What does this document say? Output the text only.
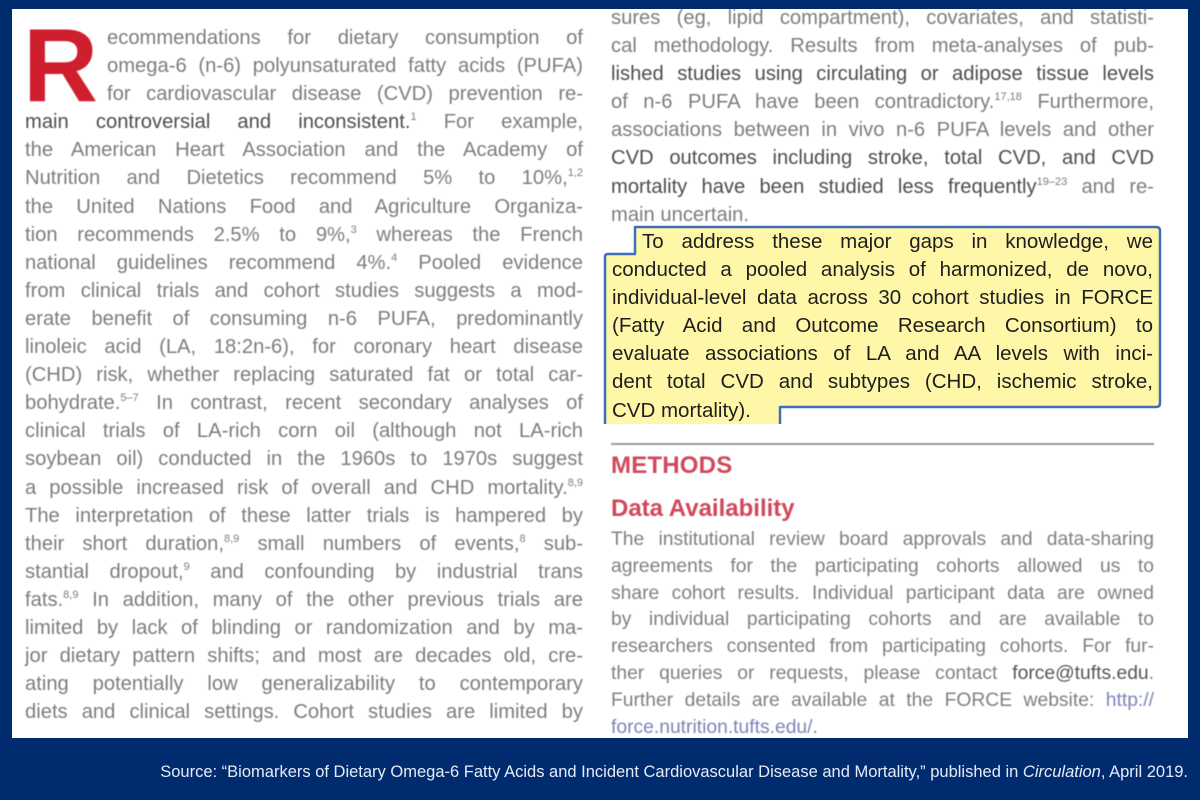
R ecommendations for dietary consumption of
omega-6 (n-6) polyunsaturated fatty acids (PUFA)
for cardiovascular disease (CVD) prevention re-
main controversial and inconsistent.$^1$ For example,
the American Heart Association and the Academy of
Nutrition and Dietetics recommend 5% to 10%,$^{1,2}$
the United Nations Food and Agriculture Organiza-
tion recommends 2.5% to 9%,$^3$ whereas the French
national guidelines recommend 4%.$^4$ Pooled evidence
from clinical trials and cohort studies suggests a mod-
erate benefit of consuming n-6 PUFA, predominantly
linoleic acid (LA, 18:2n-6), for coronary heart disease
(CHD) risk, whether replacing saturated fat or total car-
bohydrate.$^{5-7}$ In contrast, recent secondary analyses of
clinical trials of LA-rich corn oil (although not LA-rich
soybean oil) conducted in the 1960s to 1970s suggest
a possible increased risk of overall and CHD mortality.$^{8,9}$
The interpretation of these latter trials is hampered by
their short duration,$^{8,9}$ small numbers of events,$^8$ sub-
stantial dropout,$^9$ and confounding by industrial trans
fats.$^{8,9}$ In addition, many of the other previous trials are
limited by lack of blinding or randomization and by ma-
jor dietary pattern shifts; and most are decades old, cre-
ating potentially low generalizability to contemporary
diets and clinical settings. Cohort studies are limited by
sures (eg, lipid compartment), covariates, and statisti-
cal methodology. Results from meta-analyses of pub-
lished studies using circulating or adipose tissue levels
of n-6 PUFA have been contradictory.$^{17,18}$ Furthermore,
associations between in vivo n-6 PUFA levels and other
CVD outcomes including stroke, total CVD, and CVD
mortality have been studied less frequently$^{19-23}$ and re-
main uncertain.
To address these major gaps in knowledge, we
conducted a pooled analysis of harmonized, de novo,
individual-level data across 30 cohort studies in FORCE
(Fatty Acid and Outcome Research Consortium) to
evaluate associations of LA and AA levels with inci-
dent total CVD and subtypes (CHD, ischemic stroke,
CVD mortality).
METHODS
Data Availability
The institutional review board approvals and data-sharing
agreements for the participating cohorts allowed us to
share cohort results. Individual participant data are owned
by individual participating cohorts and are available to
researchers consented from participating cohorts. For fur-
ther queries or requests, please contact force@tufts.edu.
Further details are available at the FORCE website: http://
force.nutrition.tufts.edu/.
Source: “Biomarkers of Dietary Omega-6 Fatty Acids and Incident Cardiovascular Disease and Mortality,” published in Circulation, April 2019.
